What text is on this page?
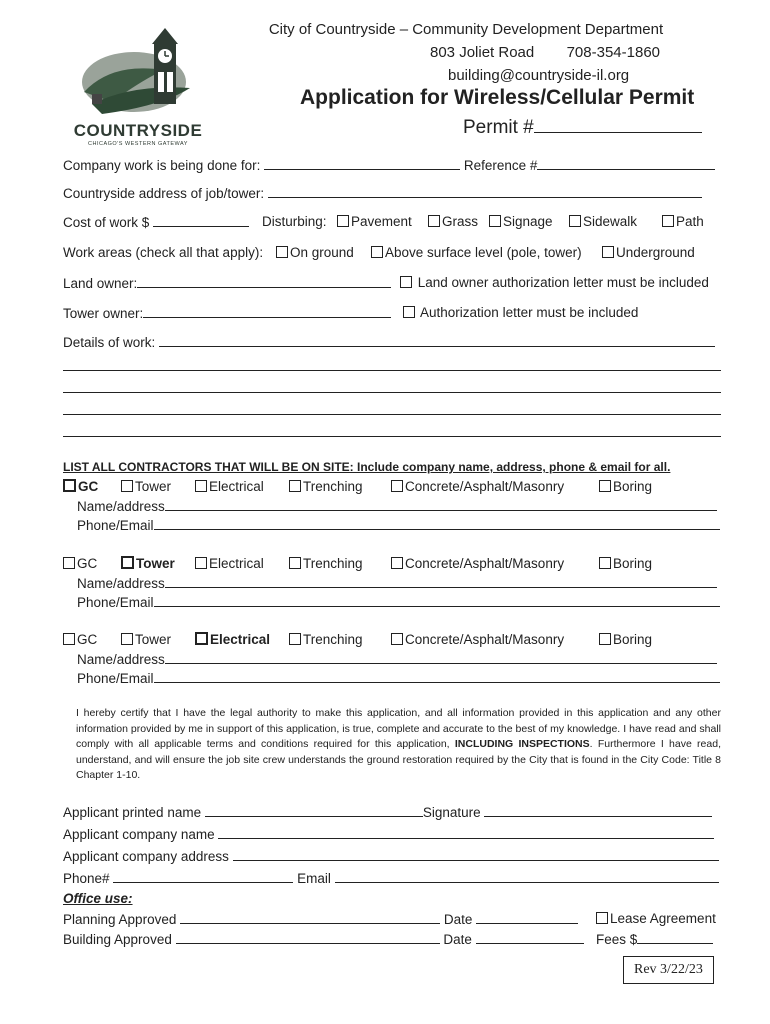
COUNTRYSIDE
CHICAGO'S WESTERN GATEWAY
City of Countryside – Community Development Department
803 Joliet Road 708-354-1860
building@countryside-il.org
Application for Wireless/Cellular Permit
Permit #
Company work is being done for:	Reference #
Countryside address of job/tower:
Cost of work $	Disturbing:	Pavement	Grass	Signage	Sidewalk	Path
Work areas (check all that apply):	On ground	Above surface level (pole, tower)	Underground
Land owner:	Land owner authorization letter must be included
Tower owner:	Authorization letter must be included
Details of work:
LIST ALL CONTRACTORS THAT WILL BE ON SITE: Include company name, address, phone & email for all.
GC	Tower	Electrical	Trenching	Concrete/Asphalt/Masonry	Boring
Name/address
Phone/Email
GC	Tower	Electrical	Trenching	Concrete/Asphalt/Masonry	Boring
Name/address
Phone/Email
GC	Tower	Electrical	Trenching	Concrete/Asphalt/Masonry	Boring
Name/address
Phone/Email
I hereby certify that I have the legal authority to make this application, and all information provided in this application and any other information provided by me in support of this application, is true, complete and accurate to the best of my knowledge. I have read and shall comply with all applicable terms and conditions required for this application, INCLUDING INSPECTIONS. Furthermore I have read, understand, and will ensure the job site crew understands the ground restoration required by the City that is found in the City Code: Title 8 Chapter 1-10.
Applicant printed name	Signature
Applicant company name
Applicant company address
Phone#	Email
Office use:
Planning Approved	Date	Lease Agreement
Building Approved	Date	Fees $
Rev 3/22/23
